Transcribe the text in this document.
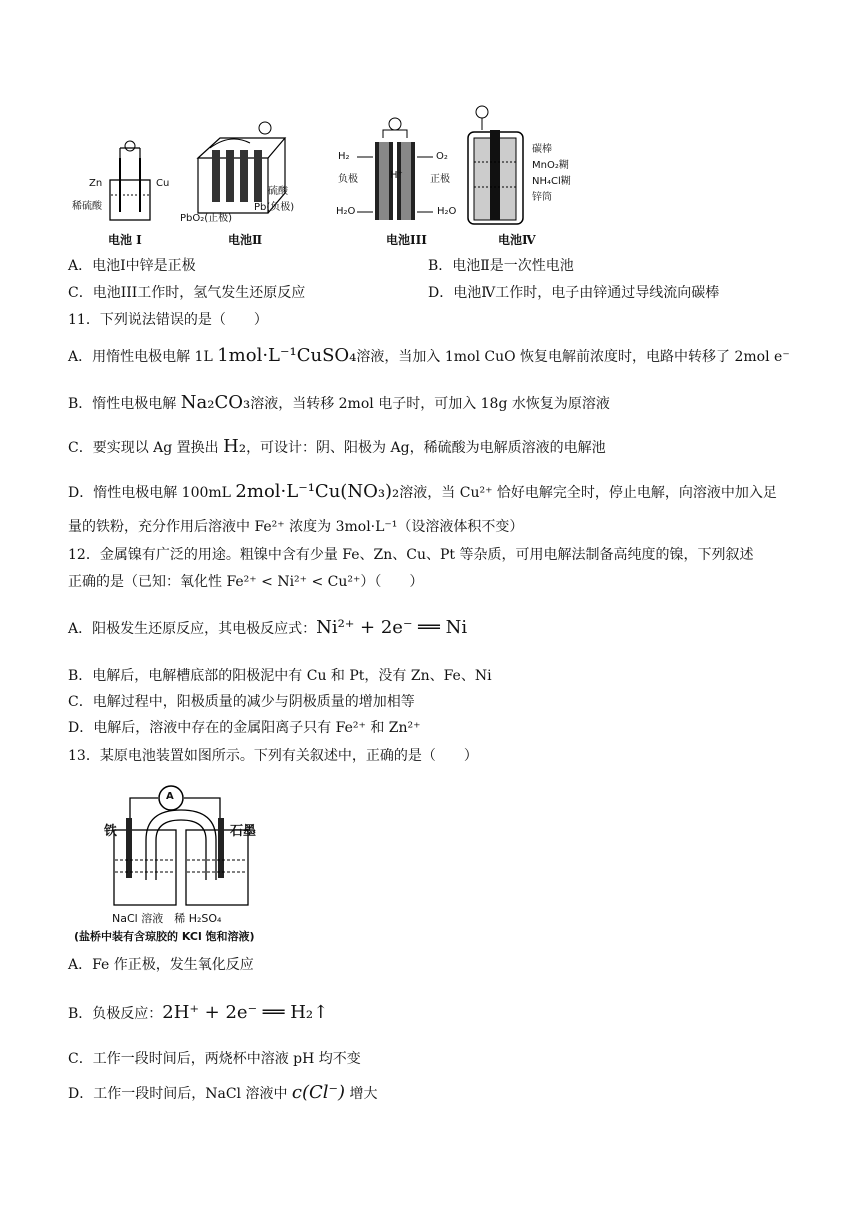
Zn	Cu
稀硫酸
电池 Ⅰ
硫酸
PbO₂(正极)
Pb(负极)
电池Ⅱ
H₂	O₂
负极	H⁺	正极
H₂O	H₂O
电池III
碳棒
MnO₂糊
NH₄Cl糊
锌筒
电池Ⅳ
A．电池Ⅰ中锌是正极	B．电池Ⅱ是一次性电池
C．电池III工作时，氢气发生还原反应	D．电池Ⅳ工作时，电子由锌通过导线流向碳棒
11．下列说法错误的是（　　）
A．用惰性电极电解 1L 1mol·L⁻¹CuSO₄溶液，当加入 1mol CuO 恢复电解前浓度时，电路中转移了 2mol e⁻
B．惰性电极电解 Na₂CO₃溶液，当转移 2mol 电子时，可加入 18g 水恢复为原溶液
C．要实现以 Ag 置换出 H₂，可设计：阴、阳极为 Ag，稀硫酸为电解质溶液的电解池
D．惰性电极电解 100mL 2mol·L⁻¹Cu(NO₃)₂溶液，当 Cu²⁺ 恰好电解完全时，停止电解，向溶液中加入足
量的铁粉，充分作用后溶液中 Fe²⁺ 浓度为 3mol·L⁻¹（设溶液体积不变）
12．金属镍有广泛的用途。粗镍中含有少量 Fe、Zn、Cu、Pt 等杂质，可用电解法制备高纯度的镍，下列叙述
正确的是（已知：氧化性 Fe²⁺ < Ni²⁺ < Cu²⁺）（　　）
A．阳极发生还原反应，其电极反应式：Ni²⁺ + 2e⁻ ══ Ni
B．电解后，电解槽底部的阳极泥中有 Cu 和 Pt，没有 Zn、Fe、Ni
C．电解过程中，阳极质量的减少与阴极质量的增加相等
D．电解后，溶液中存在的金属阳离子只有 Fe²⁺ 和 Zn²⁺
13．某原电池装置如图所示。下列有关叙述中，正确的是（　　）
A
铁	石墨
NaCl 溶液　稀 H₂SO₄
(盐桥中装有含琼胶的 KCl 饱和溶液)
A．Fe 作正极，发生氧化反应
B．负极反应：2H⁺ + 2e⁻ ══ H₂↑
C．工作一段时间后，两烧杯中溶液 pH 均不变
D．工作一段时间后，NaCl 溶液中 c(Cl⁻) 增大
